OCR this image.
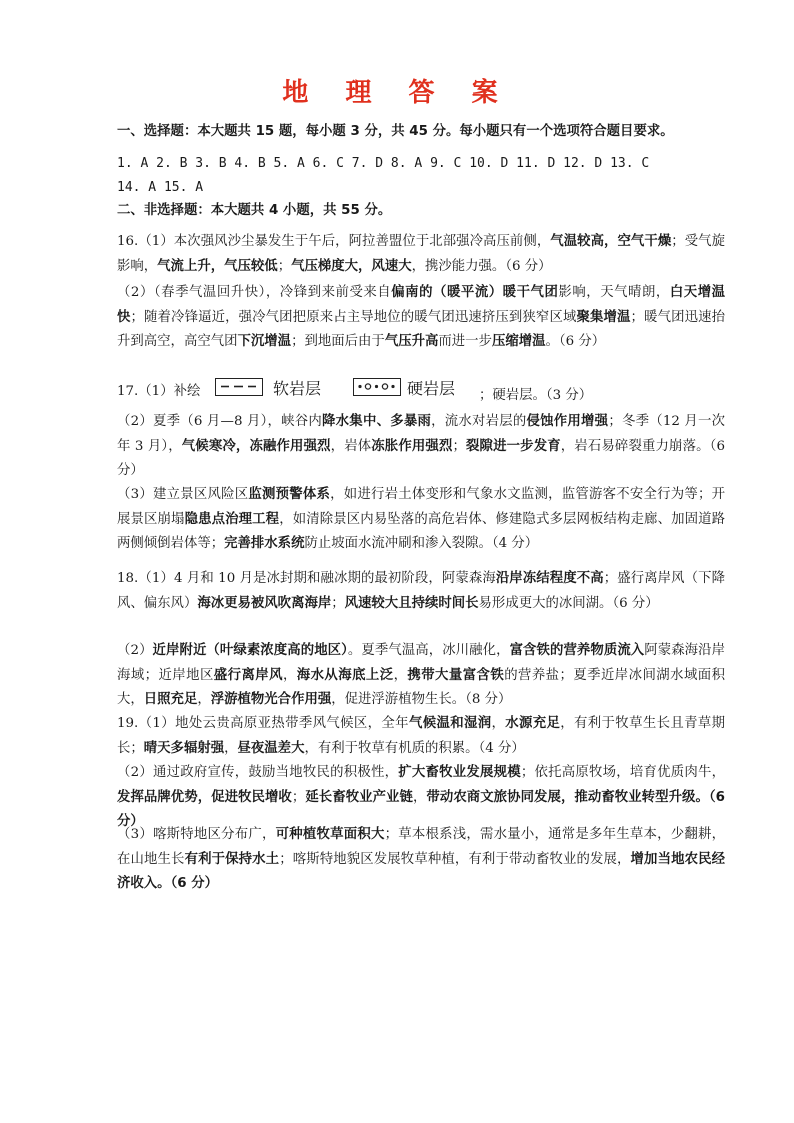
地 理 答 案
一、选择题：本大题共 15 题，每小题 3 分，共 45 分。每小题只有一个选项符合题目要求。
1. A 2. B 3. B 4. B 5. A 6. C 7. D 8. A 9. C 10. D 11. D 12. D 13. C
14. A 15. A
二、非选择题：本大题共 4 小题，共 55 分。
16.（1）本次强风沙尘暴发生于午后，阿拉善盟位于北部强冷高压前侧，气温较高，空气干燥；受气旋影响，气流上升，气压较低；气压梯度大，风速大，携沙能力强。（6 分）
（2）（春季气温回升快），冷锋到来前受来自偏南的（暖平流）暖干气团影响，天气晴朗，白天增温快；随着冷锋逼近，强冷气团把原来占主导地位的暖气团迅速挤压到狭窄区域聚集增温；暖气团迅速抬升到高空，高空气团下沉增温；到地面后由于气压升高而进一步压缩增温。（6 分）
17.（1）补绘	软岩层	硬岩层 ；硬岩层。（3 分）
（2）夏季（6 月—8 月），峡谷内降水集中、多暴雨，流水对岩层的侵蚀作用增强；冬季（12 月一次年 3 月），气候寒冷，冻融作用强烈，岩体冻胀作用强烈；裂隙进一步发育，岩石易碎裂重力崩落。（6 分）
（3）建立景区风险区监测预警体系，如进行岩土体变形和气象水文监测，监管游客不安全行为等；开展景区崩塌隐患点治理工程，如清除景区内易坠落的高危岩体、修建隐式多层网板结构走廊、加固道路两侧倾倒岩体等；完善排水系统防止坡面水流冲刷和渗入裂隙。（4 分）
18.（1）4 月和 10 月是冰封期和融冰期的最初阶段，阿蒙森海沿岸冻结程度不高；盛行离岸风（下降风、偏东风）海冰更易被风吹离海岸；风速较大且持续时间长易形成更大的冰间湖。（6 分）
（2）近岸附近（叶绿素浓度高的地区）。夏季气温高，冰川融化，富含铁的营养物质流入阿蒙森海沿岸海域；近岸地区盛行离岸风，海水从海底上泛，携带大量富含铁的营养盐；夏季近岸冰间湖水域面积大，日照充足，浮游植物光合作用强，促进浮游植物生长。（8 分）
19.（1）地处云贵高原亚热带季风气候区，全年气候温和湿润，水源充足，有利于牧草生长且青草期长；晴天多辐射强，昼夜温差大，有利于牧草有机质的积累。（4 分）
（2）通过政府宣传，鼓励当地牧民的积极性，扩大畜牧业发展规模；依托高原牧场，培育优质肉牛，发挥品牌优势，促进牧民增收；延长畜牧业产业链，带动农商文旅协同发展，推动畜牧业转型升级。（6 分）
（3）喀斯特地区分布广，可种植牧草面积大；草本根系浅，需水量小，通常是多年生草本，少翻耕，在山地生长有利于保持水土；喀斯特地貌区发展牧草种植，有利于带动畜牧业的发展，增加当地农民经济收入。（6 分）
